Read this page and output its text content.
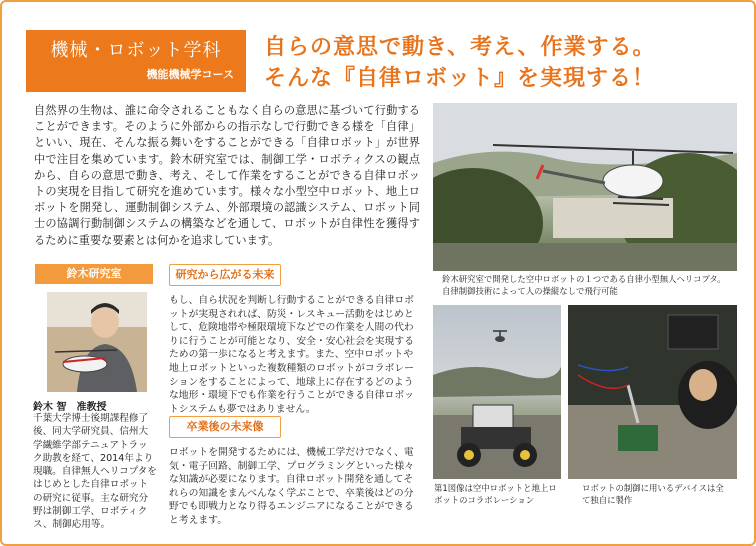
機械・ロボット学科
機能機械学コース
自らの意思で動き、考え、作業する。
そんな『自律ロボット』を実現する！
自然界の生物は、誰に命令されることもなく自らの意思に基づいて行動することができます。そのように外部からの指示なしで行動できる様を「自律」といい、現在、そんな振る舞いをすることができる「自律ロボット」が世界中で注目を集めています。鈴木研究室では、制御工学・ロボティクスの観点から、自らの意思で動き、考え、そして作業をすることができる自律ロボットの実現を目指して研究を進めています。様々な小型空中ロボット、地上ロボットを開発し、運動制御システム、外部環境の認識システム、ロボット同士の協調行動制御システムの構築などを通して、ロボットが自律性を獲得するために重要な要素とは何かを追求しています。
鈴木研究室で開発した空中ロボットの１つである自律小型無人ヘリコプタ。自律制御技術によって人の操縦なしで飛行可能
鈴木研究室
鈴木 智　准教授
千葉大学博士後期課程修了後、同大学研究員、信州大学繊維学部テニュアトラック助教を経て、2014年より現職。自律無人ヘリコプタをはじめとした自律ロボットの研究に従事。主な研究分野は制御工学、ロボティクス、制御応用等。
研究から広がる未来
もし、自ら状況を判断し行動することができる自律ロボットが実現されれば、防災・レスキュー活動をはじめとして、危険地帯や極限環境下などでの作業を人間の代わりに行うことが可能となり、安全・安心社会を実現するための第一歩になると考えます。また、空中ロボットや地上ロボットといった複数種類のロボットがコラボレーションをすることによって、地球上に存在するどのような地形・環境下でも作業を行うことができる自律ロボットシステムも夢ではありません。
卒業後の未来像
ロボットを開発するためには、機械工学だけでなく、電気・電子回路、制御工学、プログラミングといった様々な知識が必要になります。自律ロボット開発を通してそれらの知識をまんべんなく学ぶことで、卒業後はどの分野でも即戦力となり得るエンジニアになることができると考えます。
第1図像は空中ロボットと地上ロボットのコラボレーション
ロボットの制御に用いるデバイスは全て独自に製作
